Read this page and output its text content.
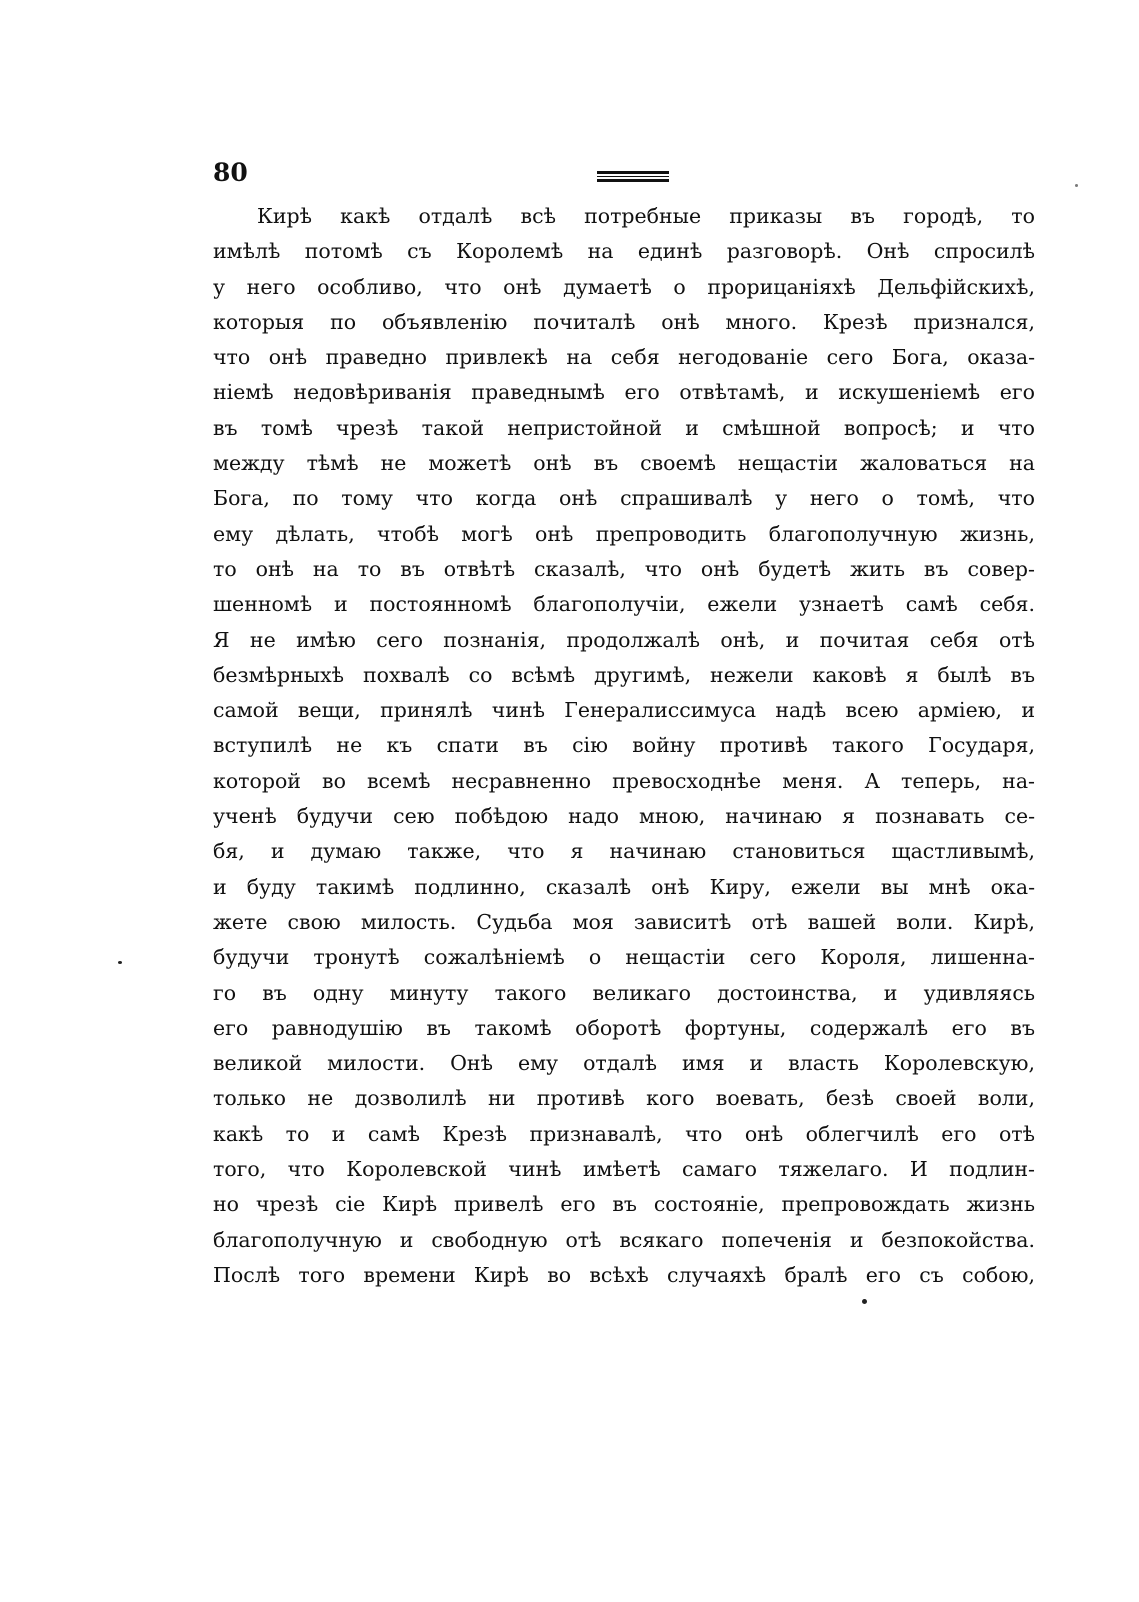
80
Кирѣ какѣ отдалѣ всѣ потребные приказы въ городѣ, то
имѣлѣ потомѣ съ Королемѣ на единѣ разговорѣ. Онѣ спросилѣ
у него особливо, что онѣ думаетѣ о прорицанiяхѣ Дельфiйскихѣ,
которыя по объявленiю почиталѣ онѣ много. Крезѣ признался,
что онѣ праведно привлекѣ на себя негодованiе сего Бога, оказа-
нiемѣ недовѣриванiя праведнымѣ его отвѣтамѣ, и искушенiемѣ его
въ томѣ чрезѣ такой непристойной и смѣшной вопросѣ; и что
между тѣмѣ не можетѣ онѣ въ своемѣ нещастiи жаловаться на
Бога, по тому что когда онѣ спрашивалѣ у него о томѣ, что
ему дѣлать, чтобѣ могѣ онѣ препроводить благополучную жизнь,
то онѣ на то въ отвѣтѣ сказалѣ, что онѣ будетѣ жить въ совер-
шенномѣ и постоянномѣ благополучiи, ежели узнаетѣ самѣ себя.
Я не имѣю сего познанiя, продолжалѣ онѣ, и почитая себя отѣ
безмѣрныхѣ похвалѣ со всѣмѣ другимѣ, нежели каковѣ я былѣ въ
самой вещи, принялѣ чинѣ Генералиссимуса надѣ всею армiею, и
вступилѣ не къ спати въ сiю войну противѣ такого Государя,
которой во всемѣ несравненно превосходнѣе меня. А теперь, на-
ученѣ будучи сею побѣдою надо мною, начинаю я познавать се-
бя, и думаю также, что я начинаю становиться щастливымѣ,
и буду такимѣ подлинно, сказалѣ онѣ Киру, ежели вы мнѣ ока-
жете свою милость. Судьба моя зависитѣ отѣ вашей воли. Кирѣ,
будучи тронутѣ сожалѣнiемѣ о нещастiи сего Короля, лишенна-
го въ одну минуту такого великаго достоинства, и удивляясь
его равнодушiю въ такомѣ оборотѣ фортуны, содержалѣ его въ
великой милости. Онѣ ему отдалѣ имя и власть Королевскую,
только не дозволилѣ ни противѣ кого воевать, безѣ своей воли,
какѣ то и самѣ Крезѣ признавалѣ, что онѣ облегчилѣ его отѣ
того, что Королевской чинѣ имѣетѣ самаго тяжелаго. И подлин-
но чрезѣ сiе Кирѣ привелѣ его въ состоянiе, препровождать жизнь
благополучную и свободную отѣ всякаго попеченiя и безпокойства.
Послѣ того времени Кирѣ во всѣхѣ случаяхѣ бралѣ его съ собою,
